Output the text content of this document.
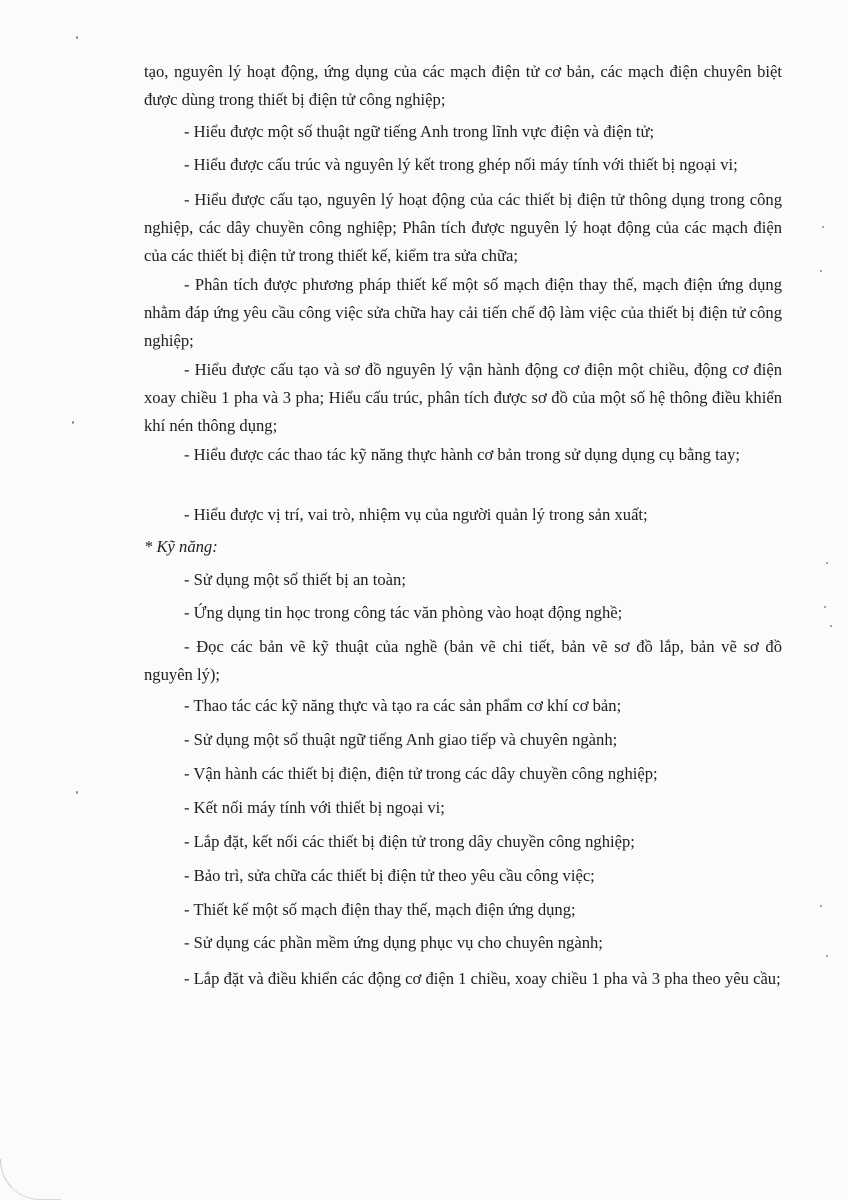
tạo, nguyên lý hoạt động, ứng dụng của các mạch điện tử cơ bản, các mạch điện chuyên biệt được dùng trong thiết bị điện tử công nghiệp;

- Hiểu được một số thuật ngữ tiếng Anh trong lĩnh vực điện và điện tử;

- Hiểu được cấu trúc và nguyên lý kết trong ghép nối máy tính với thiết bị ngoại vi;

- Hiểu được cấu tạo, nguyên lý hoạt động của các thiết bị điện tử thông dụng trong công nghiệp, các dây chuyền công nghiệp; Phân tích được nguyên lý hoạt động của các mạch điện của các thiết bị điện tử trong thiết kế, kiểm tra sửa chữa;

- Phân tích được phương pháp thiết kế một số mạch điện thay thế, mạch điện ứng dụng nhằm đáp ứng yêu cầu công việc sửa chữa hay cải tiến chế độ làm việc của thiết bị điện tử công nghiệp;

- Hiểu được cấu tạo và sơ đồ nguyên lý vận hành động cơ điện một chiều, động cơ điện xoay chiều 1 pha và 3 pha; Hiểu cấu trúc, phân tích được sơ đồ của một số hệ thông điều khiển khí nén thông dụng;

- Hiểu được các thao tác kỹ năng thực hành cơ bản trong sử dụng dụng cụ bằng tay;

- Hiểu được vị trí, vai trò, nhiệm vụ của người quản lý trong sản xuất;

* Kỹ năng:

- Sử dụng một số thiết bị an toàn;

- Ứng dụng tin học trong công tác văn phòng vào hoạt động nghề;

- Đọc các bản vẽ kỹ thuật của nghề (bản vẽ chi tiết, bản vẽ sơ đồ lắp, bản vẽ sơ đồ nguyên lý);

- Thao tác các kỹ năng thực và tạo ra các sản phẩm cơ khí cơ bản;

- Sử dụng một số thuật ngữ tiếng Anh giao tiếp và chuyên ngành;

- Vận hành các thiết bị điện, điện tử trong các dây chuyền công nghiệp;

- Kết nối máy tính với thiết bị ngoại vi;

- Lắp đặt, kết nối các thiết bị điện tử trong dây chuyền công nghiệp;

- Bảo trì, sửa chữa các thiết bị điện tử theo yêu cầu công việc;

- Thiết kế một số mạch điện thay thế, mạch điện ứng dụng;

- Sử dụng các phần mềm ứng dụng phục vụ cho chuyên ngành;

- Lắp đặt và điều khiển các động cơ điện 1 chiều, xoay chiều 1 pha và 3 pha theo yêu cầu;
